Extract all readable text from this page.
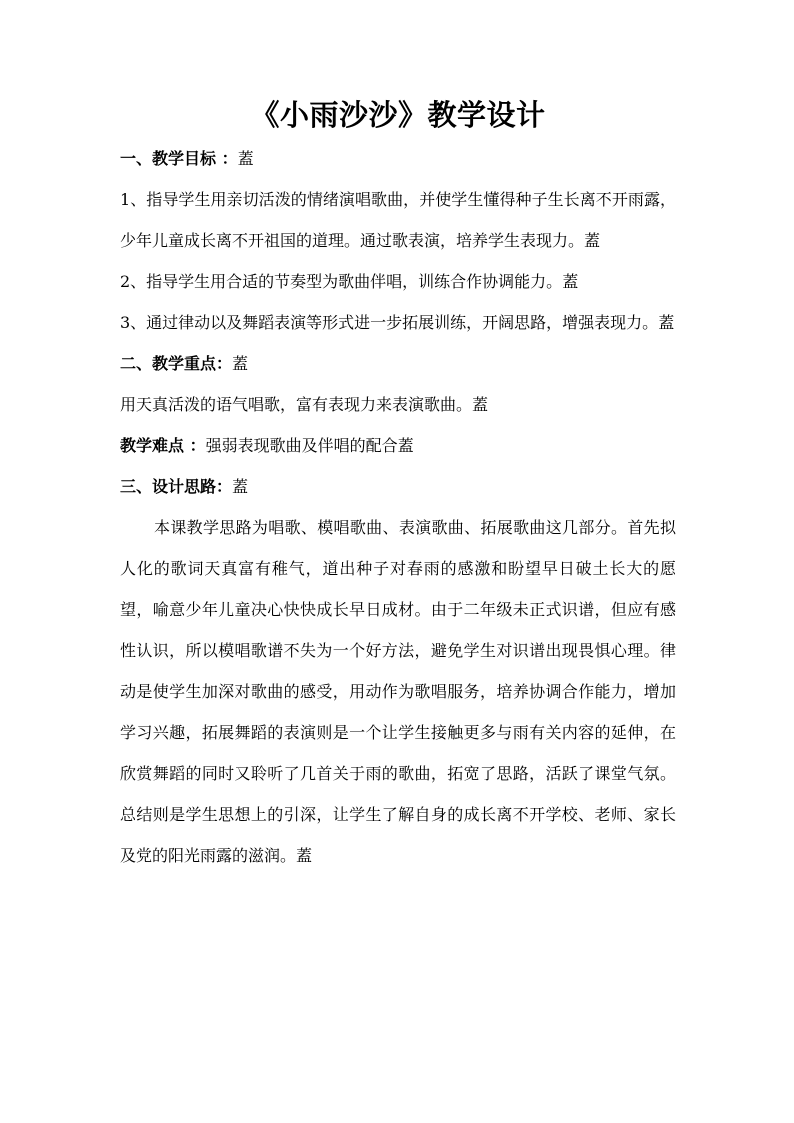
《小雨沙沙》教学设计

一、教学目标 ：蓋

1、指导学生用亲切活泼的情绪演唱歌曲，并使学生懂得种子生长离不开雨露，少年儿童成长离不开祖国的道理。通过歌表演，培养学生表现力。蓋

2、指导学生用合适的节奏型为歌曲伴唱，训练合作协调能力。蓋

3、通过律动以及舞蹈表演等形式进一步拓展训练，开阔思路，增强表现力。蓋

二、教学重点：蓋

用天真活泼的语气唱歌，富有表现力来表演歌曲。蓋

教学难点 ：强弱表现歌曲及伴唱的配合蓋

三、设计思路：蓋

本课教学思路为唱歌、模唱歌曲、表演歌曲、拓展歌曲这几部分。首先拟人化的歌词天真富有稚气，道出种子对春雨的感激和盼望早日破土长大的愿望，喻意少年儿童决心快快成长早日成材。由于二年级未正式识谱，但应有感性认识，所以模唱歌谱不失为一个好方法，避免学生对识谱出现畏惧心理。律动是使学生加深对歌曲的感受，用动作为歌唱服务，培养协调合作能力，增加学习兴趣，拓展舞蹈的表演则是一个让学生接触更多与雨有关内容的延伸，在欣赏舞蹈的同时又聆听了几首关于雨的歌曲，拓宽了思路，活跃了课堂气氛。总结则是学生思想上的引深，让学生了解自身的成长离不开学校、老师、家长及党的阳光雨露的滋润。蓋
